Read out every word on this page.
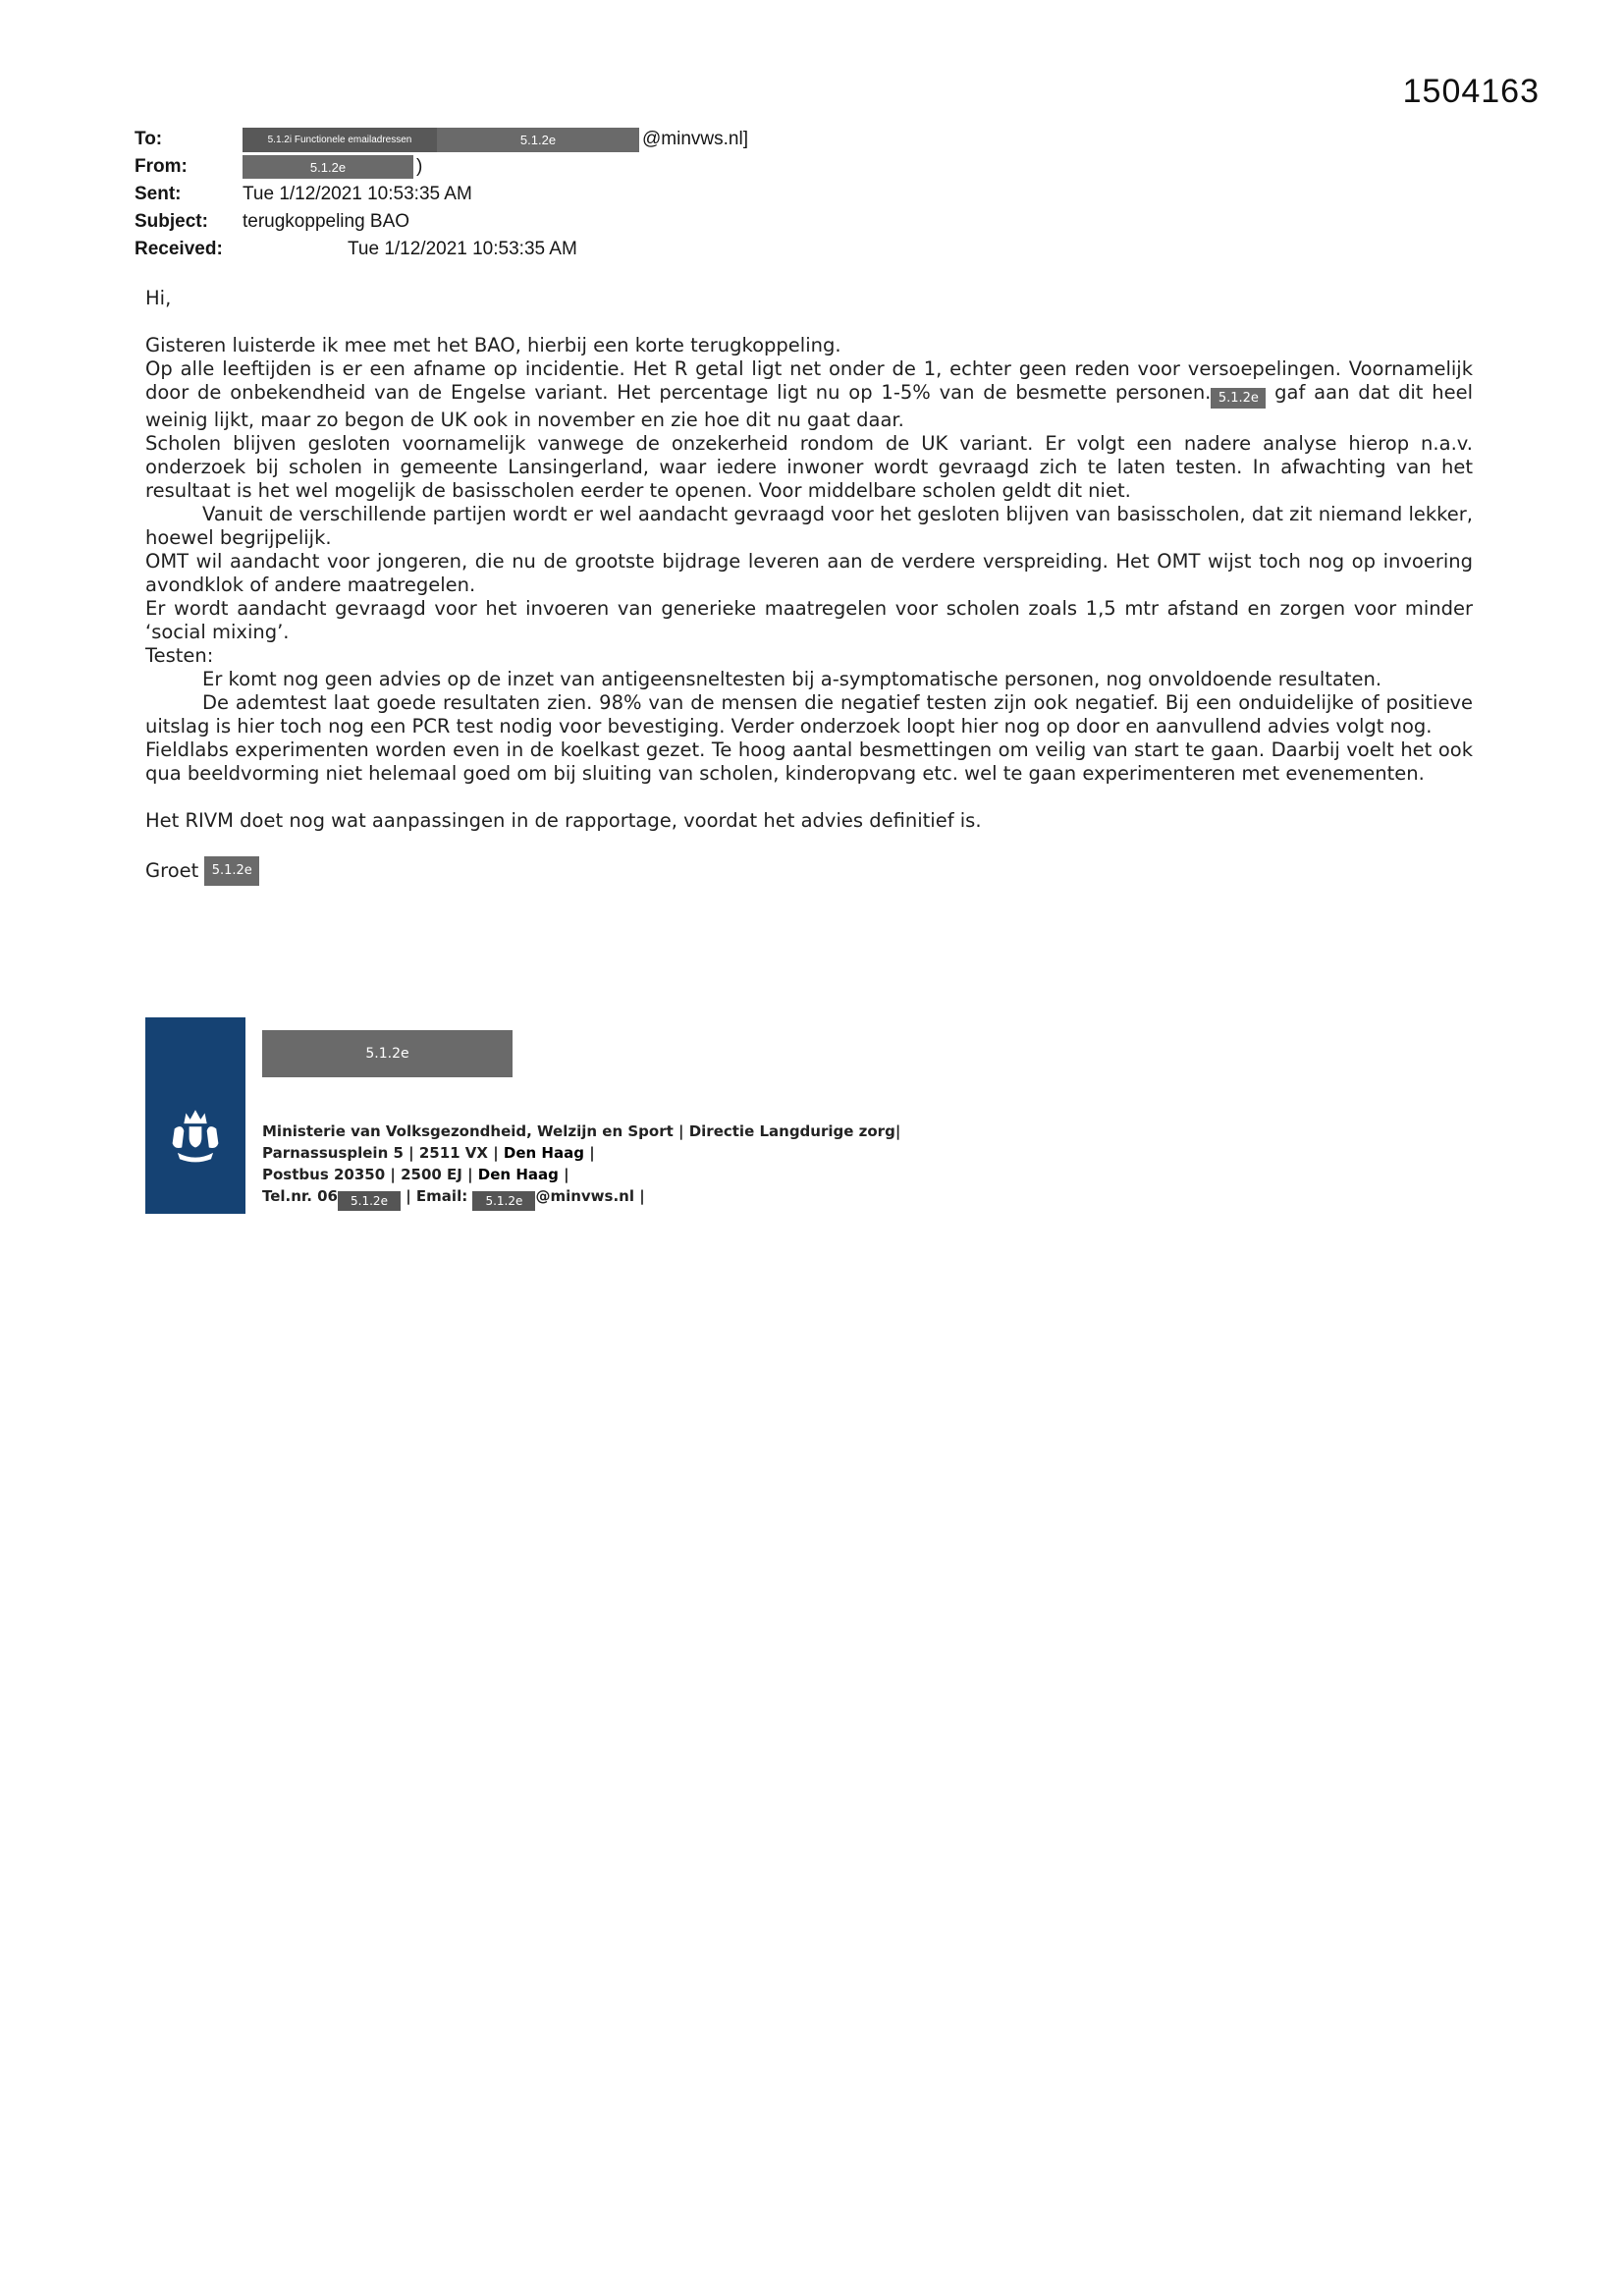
1504163
To:	5.1.2i Functionele emailadressen	5.1.2e	@minvws.nl]
From:	5.1.2e	)
Sent:	Tue 1/12/2021 10:53:35 AM
Subject:	terugkoppeling BAO
Received:	Tue 1/12/2021 10:53:35 AM

Hi,

Gisteren luisterde ik mee met het BAO, hierbij een korte terugkoppeling.

Op alle leeftijden is er een afname op incidentie. Het R getal ligt net onder de 1, echter geen reden voor versoepelingen. Voornamelijk door de onbekendheid van de Engelse variant. Het percentage ligt nu op 1-5% van de besmette personen. 5.1.2e gaf aan dat dit heel weinig lijkt, maar zo begon de UK ook in november en zie hoe dit nu gaat daar.

Scholen blijven gesloten voornamelijk vanwege de onzekerheid rondom de UK variant. Er volgt een nadere analyse hierop n.a.v. onderzoek bij scholen in gemeente Lansingerland, waar iedere inwoner wordt gevraagd zich te laten testen. In afwachting van het resultaat is het wel mogelijk de basisscholen eerder te openen. Voor middelbare scholen geldt dit niet.

Vanuit de verschillende partijen wordt er wel aandacht gevraagd voor het gesloten blijven van basisscholen, dat zit niemand lekker, hoewel begrijpelijk.

OMT wil aandacht voor jongeren, die nu de grootste bijdrage leveren aan de verdere verspreiding. Het OMT wijst toch nog op invoering avondklok of andere maatregelen.

Er wordt aandacht gevraagd voor het invoeren van generieke maatregelen voor scholen zoals 1,5 mtr afstand en zorgen voor minder ‘social mixing’.

Testen:

Er komt nog geen advies op de inzet van antigeensneltesten bij a-symptomatische personen, nog onvoldoende resultaten.

De ademtest laat goede resultaten zien. 98% van de mensen die negatief testen zijn ook negatief. Bij een onduidelijke of positieve uitslag is hier toch nog een PCR test nodig voor bevestiging. Verder onderzoek loopt hier nog op door en aanvullend advies volgt nog.

Fieldlabs experimenten worden even in de koelkast gezet. Te hoog aantal besmettingen om veilig van start te gaan. Daarbij voelt het ook qua beeldvorming niet helemaal goed om bij sluiting van scholen, kinderopvang etc. wel te gaan experimenteren met evenementen.

Het RIVM doet nog wat aanpassingen in de rapportage, voordat het advies definitief is.

Groet	5.1.2e
5.1.2e
Ministerie van Volksgezondheid, Welzijn en Sport | Directie Langdurige zorg|
Parnassusplein 5 | 2511 VX | Den Haag |
Postbus 20350 | 2500 EJ | Den Haag |
Tel.nr. 06 5.1.2e | Email: 5.1.2e @minvws.nl |
